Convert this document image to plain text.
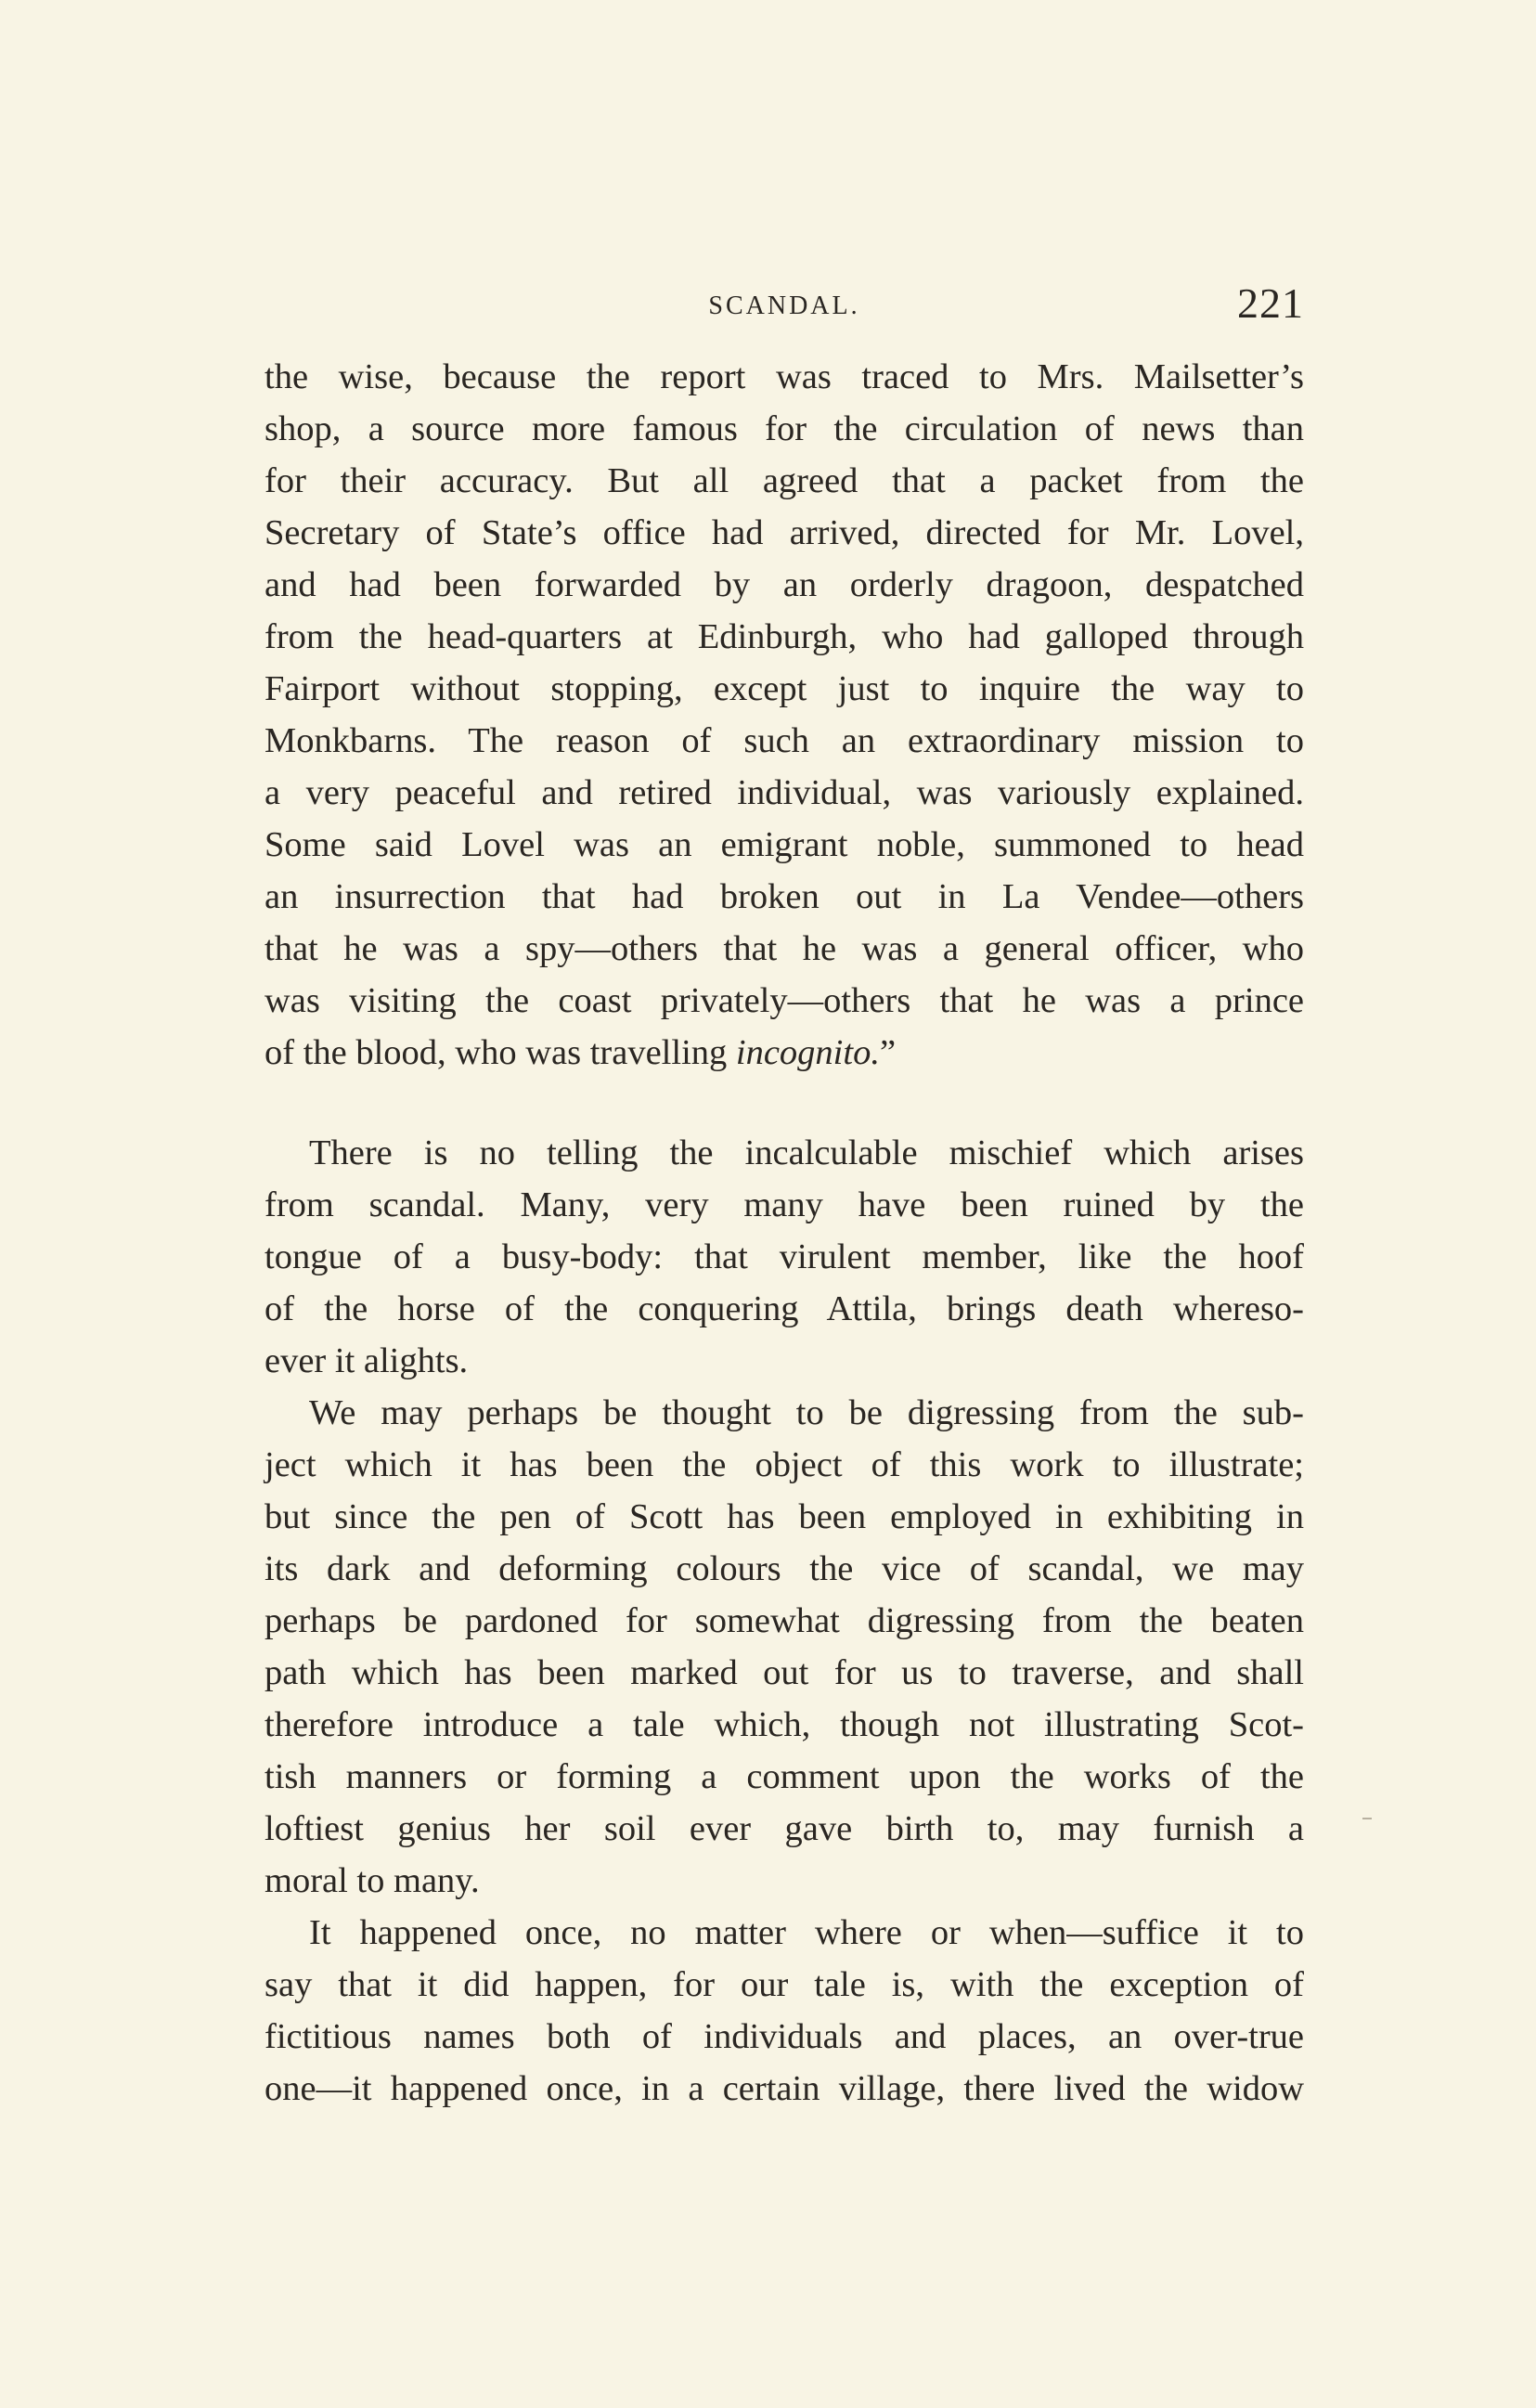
SCANDAL.	221
the wise, because the report was traced to Mrs. Mailsetter’s
shop, a source more famous for the circulation of news than
for their accuracy. But all agreed that a packet from the
Secretary of State’s office had arrived, directed for Mr. Lovel,
and had been forwarded by an orderly dragoon, despatched
from the head-quarters at Edinburgh, who had galloped through
Fairport without stopping, except just to inquire the way to
Monkbarns. The reason of such an extraordinary mission to
a very peaceful and retired individual, was variously explained.
Some said Lovel was an emigrant noble, summoned to head
an insurrection that had broken out in La Vendee—others
that he was a spy—others that he was a general officer, who
was visiting the coast privately—others that he was a prince
of the blood, who was travelling incognito.”
There is no telling the incalculable mischief which arises
from scandal. Many, very many have been ruined by the
tongue of a busy-body: that virulent member, like the hoof
of the horse of the conquering Attila, brings death whereso-
ever it alights.
We may perhaps be thought to be digressing from the sub-
ject which it has been the object of this work to illustrate;
but since the pen of Scott has been employed in exhibiting in
its dark and deforming colours the vice of scandal, we may
perhaps be pardoned for somewhat digressing from the beaten
path which has been marked out for us to traverse, and shall
therefore introduce a tale which, though not illustrating Scot-
tish manners or forming a comment upon the works of the
loftiest genius her soil ever gave birth to, may furnish a
moral to many.
It happened once, no matter where or when—suffice it to
say that it did happen, for our tale is, with the exception of
fictitious names both of individuals and places, an over-true
one—it happened once, in a certain village, there lived the widow
